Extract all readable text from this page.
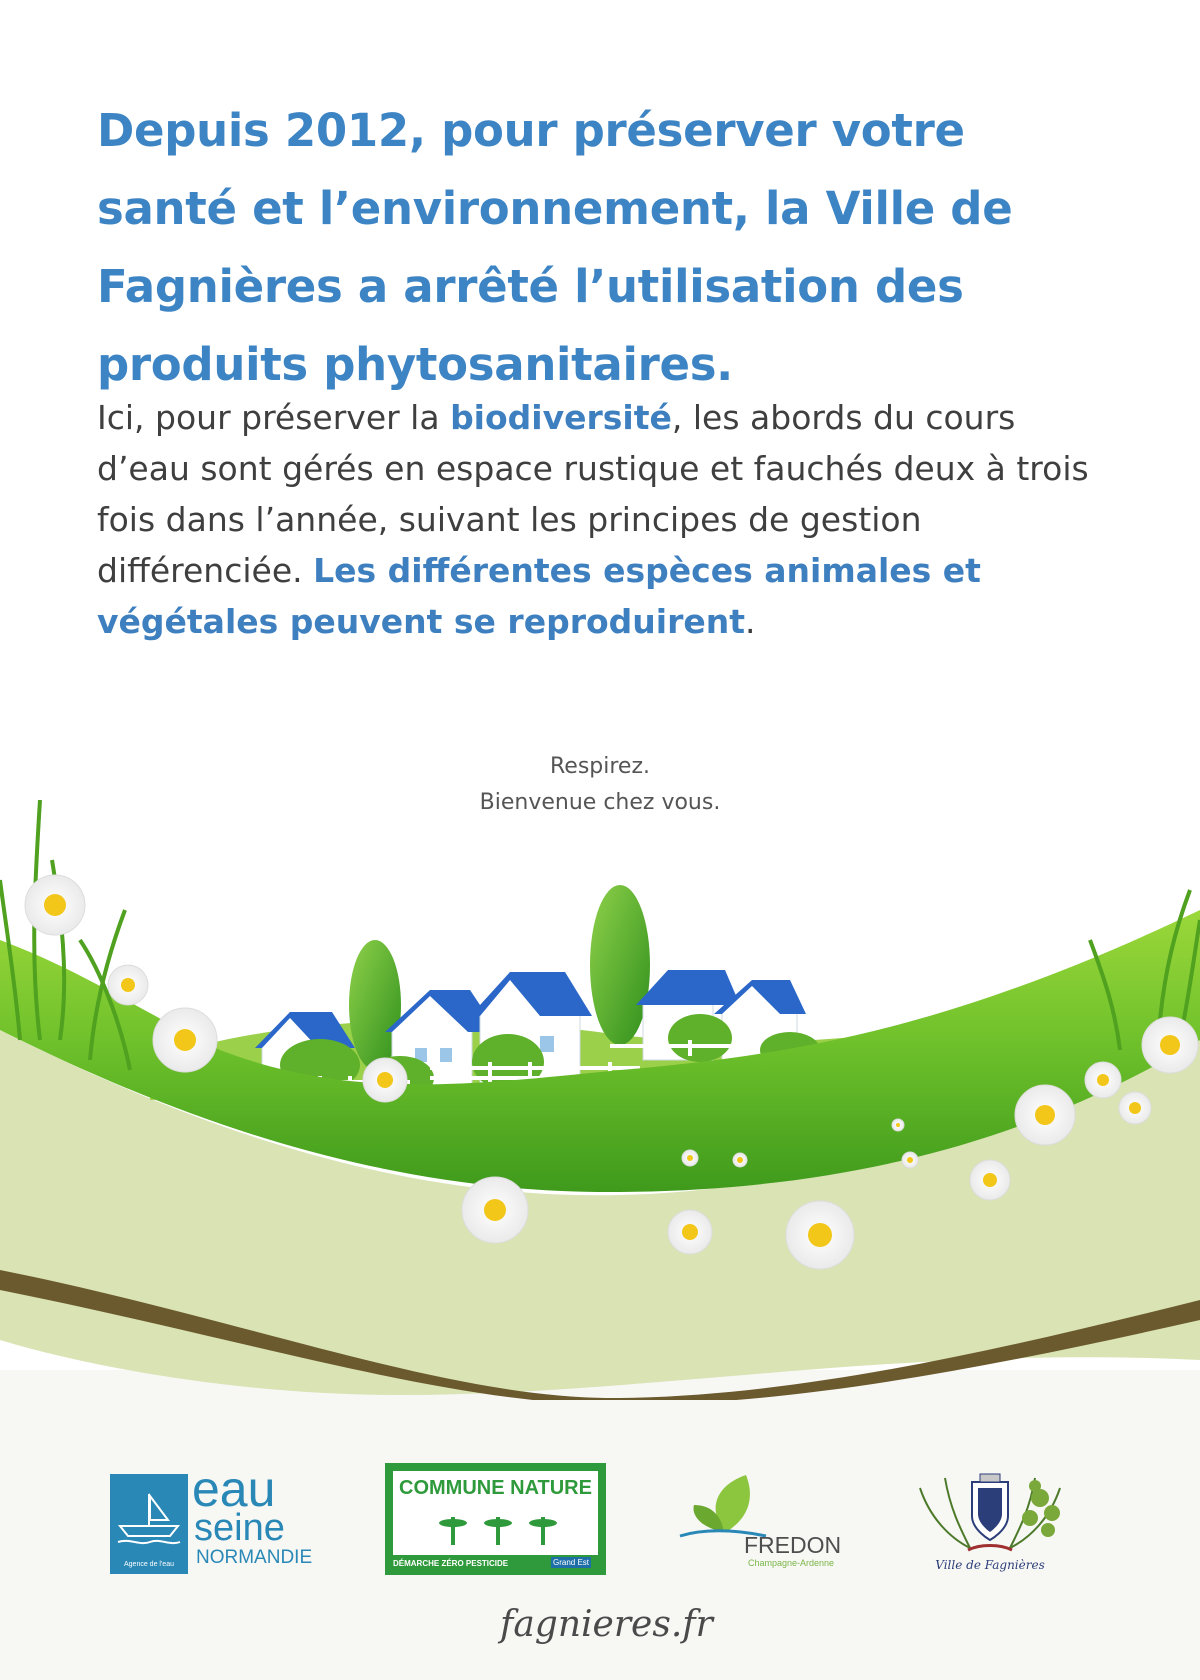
Depuis 2012, pour préserver votre santé et l’environnement, la Ville de Fagnières a arrêté l’utilisation des produits phytosanitaires.

Ici, pour préserver la biodiversité, les abords du cours d’eau sont gérés en espace rustique et fauchés deux à trois fois dans l’année, suivant les principes de gestion différenciée. Les différentes espèces animales et végétales peuvent se reproduirent.

Respirez.
Bienvenue chez vous.
Agence de l'eau
eau
seine
NORMANDIE
COMMUNE NATURE
DÉMARCHE ZÉRO PESTICIDE	Grand Est
FREDON
Champagne-Ardenne	Ville de Fagnières
fagnieres.fr
